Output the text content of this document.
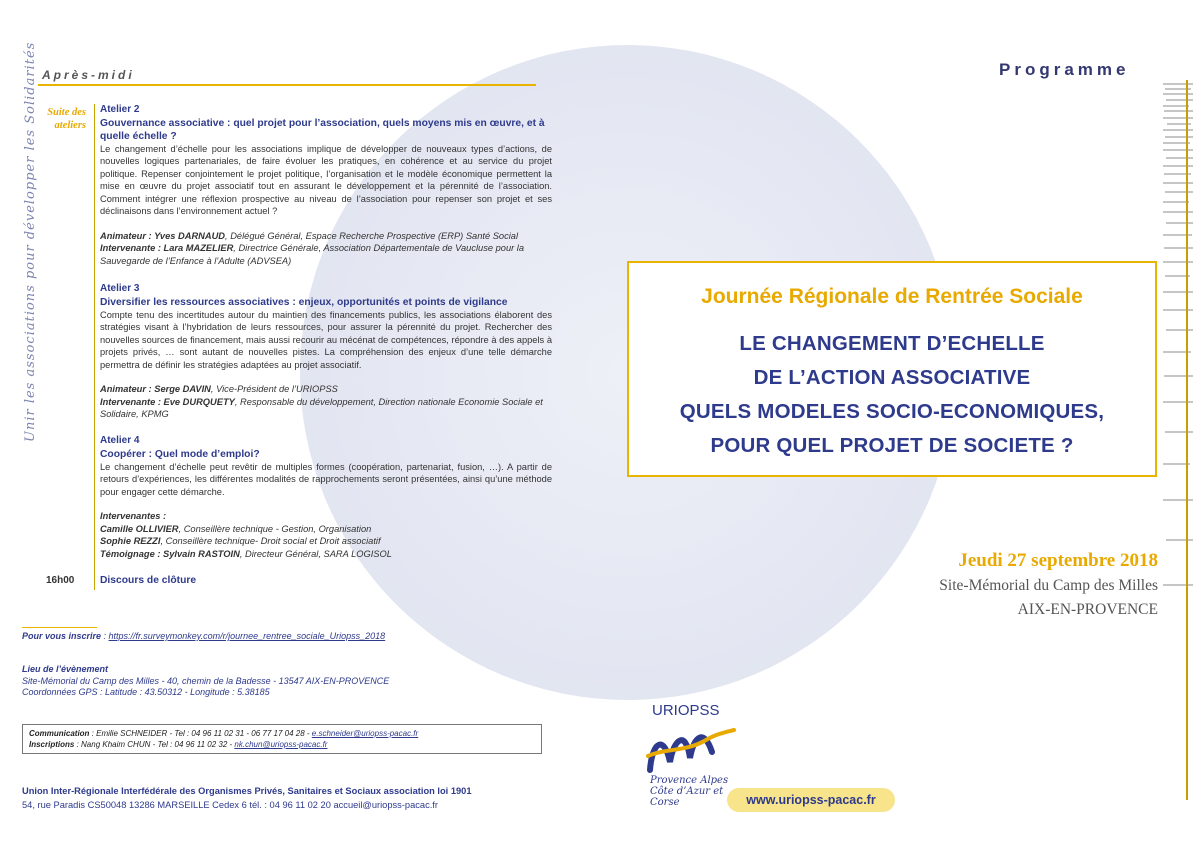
Unir les associations pour développer les Solidarités Après-midi	Programme
Suite des ateliers
Atelier 2
Gouvernance associative : quel projet pour l’association, quels moyens mis en œuvre, et à quelle échelle ?
Le changement d’échelle pour les associations implique de développer de nouveaux types d’actions, de nouvelles logiques partenariales, de faire évoluer les pratiques, en cohérence et au service du projet politique. Repenser conjointement le projet politique, l’organisation et le modèle économique permettent la mise en œuvre du projet associatif tout en assurant le développement et la pérennité de l’association. Comment intégrer une réflexion prospective au niveau de l’association pour repenser son projet et ses déclinaisons dans l’environnement actuel ?
Animateur : Yves DARNAUD, Délégué Général, Espace Recherche Prospective (ERP) Santé Social
Intervenante : Lara MAZELIER, Directrice Générale, Association Départementale de Vaucluse pour la Sauvegarde de l’Enfance à l’Adulte (ADVSEA)
Atelier 3
Diversifier les ressources associatives : enjeux, opportunités et points de vigilance
Compte tenu des incertitudes autour du maintien des financements publics, les associations élaborent des stratégies visant à l’hybridation de leurs ressources, pour assurer la pérennité du projet. Rechercher des nouvelles sources de financement, mais aussi recourir au mécénat de compétences, répondre à des appels à projets privés, … sont autant de nouvelles pistes. La compréhension des enjeux d’une telle démarche permettra de définir les stratégies adaptées au projet associatif.
Animateur : Serge DAVIN, Vice-Président de l’URIOPSS
Intervenante : Eve DURQUETY, Responsable du développement, Direction nationale Economie Sociale et Solidaire, KPMG
Atelier 4
Coopérer : Quel mode d’emploi?
Le changement d’échelle peut revêtir de multiples formes (coopération, partenariat, fusion, …). A partir de retours d’expériences, les différentes modalités de rapprochements seront présentées, ainsi qu’une méthode pour engager cette démarche.
Intervenantes :
Camille OLLIVIER, Conseillère technique - Gestion, Organisation
Sophie REZZI, Conseillère technique- Droit social et Droit associatif
Témoignage : Sylvain RASTOIN, Directeur Général, SARA LOGISOL
16h00 Discours de clôture
Pour vous inscrire : https://fr.surveymonkey.com/r/journee_rentree_sociale_Uriopss_2018
Lieu de l’évènement
Site-Mémorial du Camp des Milles - 40, chemin de la Badesse - 13547 AIX-EN-PROVENCE
Coordonnées GPS : Latitude : 43.50312 - Longitude : 5.38185
Communication : Emilie SCHNEIDER - Tel : 04 96 11 02 31 - 06 77 17 04 28 - e.schneider@uriopss-pacac.fr
Inscriptions : Nang Khaim CHUN - Tel : 04 96 11 02 32 - nk.chun@uriopss-pacac.fr
Union Inter-Régionale Interfédérale des Organismes Privés, Sanitaires et Sociaux association loi 1901
54, rue Paradis CS50048 13286 MARSEILLE Cedex 6 tél. : 04 96 11 02 20 accueil@uriopss-pacac.fr
Journée Régionale de Rentrée Sociale
LE CHANGEMENT D’ECHELLE
DE L’ACTION ASSOCIATIVE
QUELS MODELES SOCIO-ECONOMIQUES,
POUR QUEL PROJET DE SOCIETE ?
Jeudi 27 septembre 2018
Site-Mémorial du Camp des Milles
AIX-EN-PROVENCE
URIOPSS
Provence Alpes Côte d’Azur et Corse	www.uriopss-pacac.fr
